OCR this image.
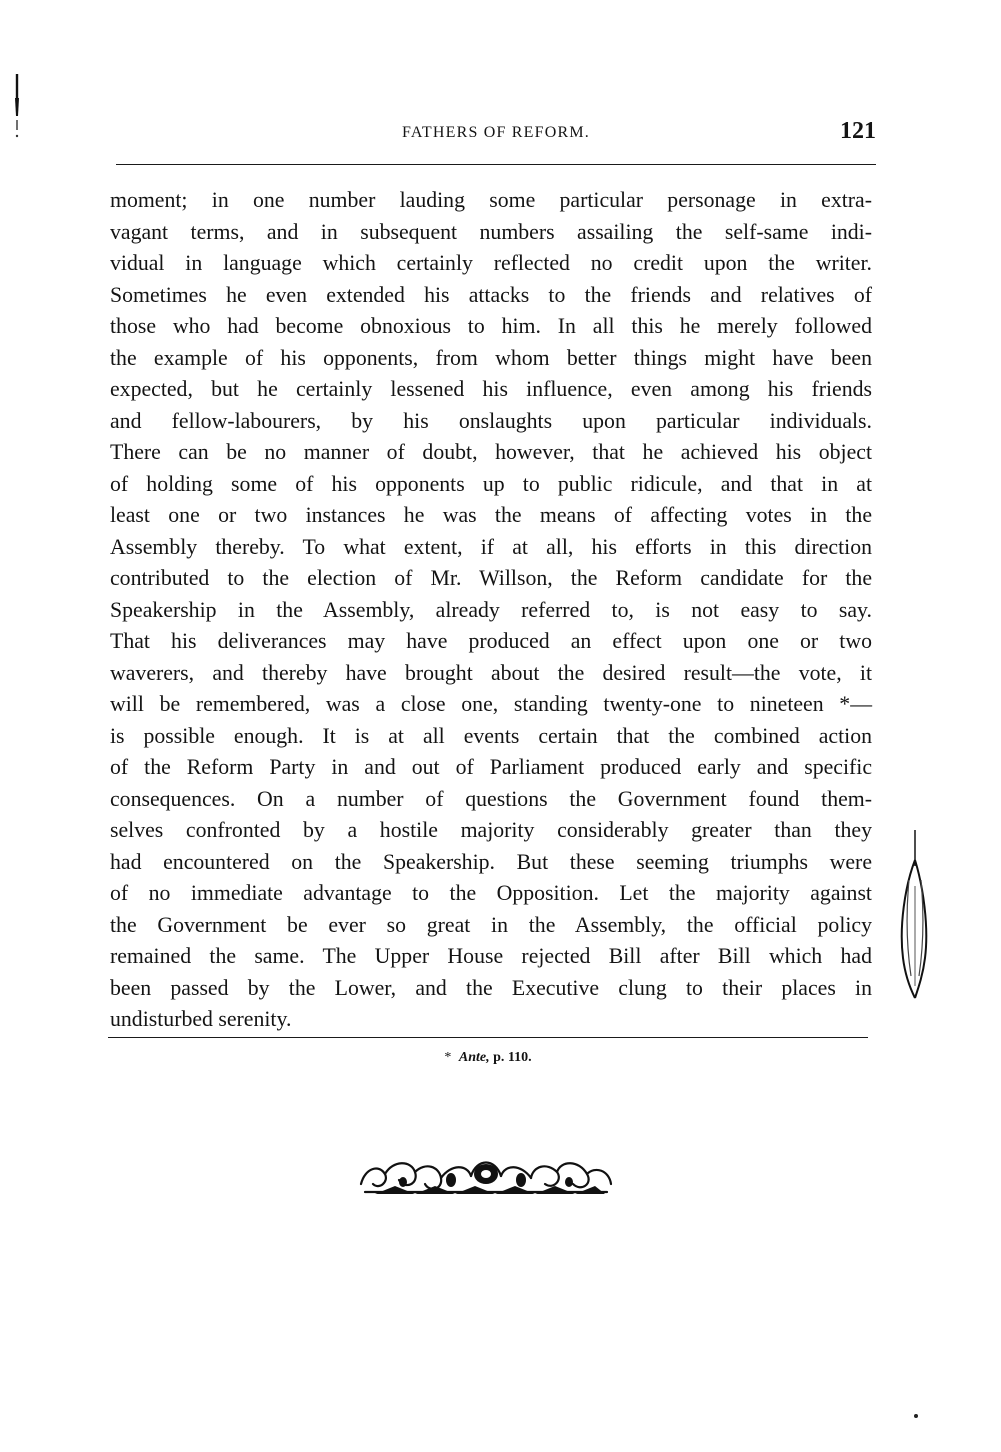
FATHERS OF REFORM.	121
moment; in one number lauding some particular personage in extra-
vagant terms, and in subsequent numbers assailing the self-same indi-
vidual in language which certainly reflected no credit upon the writer.
Sometimes he even extended his attacks to the friends and relatives of
those who had become obnoxious to him. In all this he merely followed
the example of his opponents, from whom better things might have been
expected, but he certainly lessened his influence, even among his friends
and fellow-labourers, by his onslaughts upon particular individuals.
There can be no manner of doubt, however, that he achieved his object
of holding some of his opponents up to public ridicule, and that in at
least one or two instances he was the means of affecting votes in the
Assembly thereby. To what extent, if at all, his efforts in this direction
contributed to the election of Mr. Willson, the Reform candidate for the
Speakership in the Assembly, already referred to, is not easy to say.
That his deliverances may have produced an effect upon one or two
waverers, and thereby have brought about the desired result—the vote, it
will be remembered, was a close one, standing twenty-one to nineteen *—
is possible enough. It is at all events certain that the combined action
of the Reform Party in and out of Parliament produced early and specific
consequences. On a number of questions the Government found them-
selves confronted by a hostile majority considerably greater than they
had encountered on the Speakership. But these seeming triumphs were
of no immediate advantage to the Opposition. Let the majority against
the Government be ever so great in the Assembly, the official policy
remained the same. The Upper House rejected Bill after Bill which had
been passed by the Lower, and the Executive clung to their places in
undisturbed serenity.
* Ante, p. 110.
